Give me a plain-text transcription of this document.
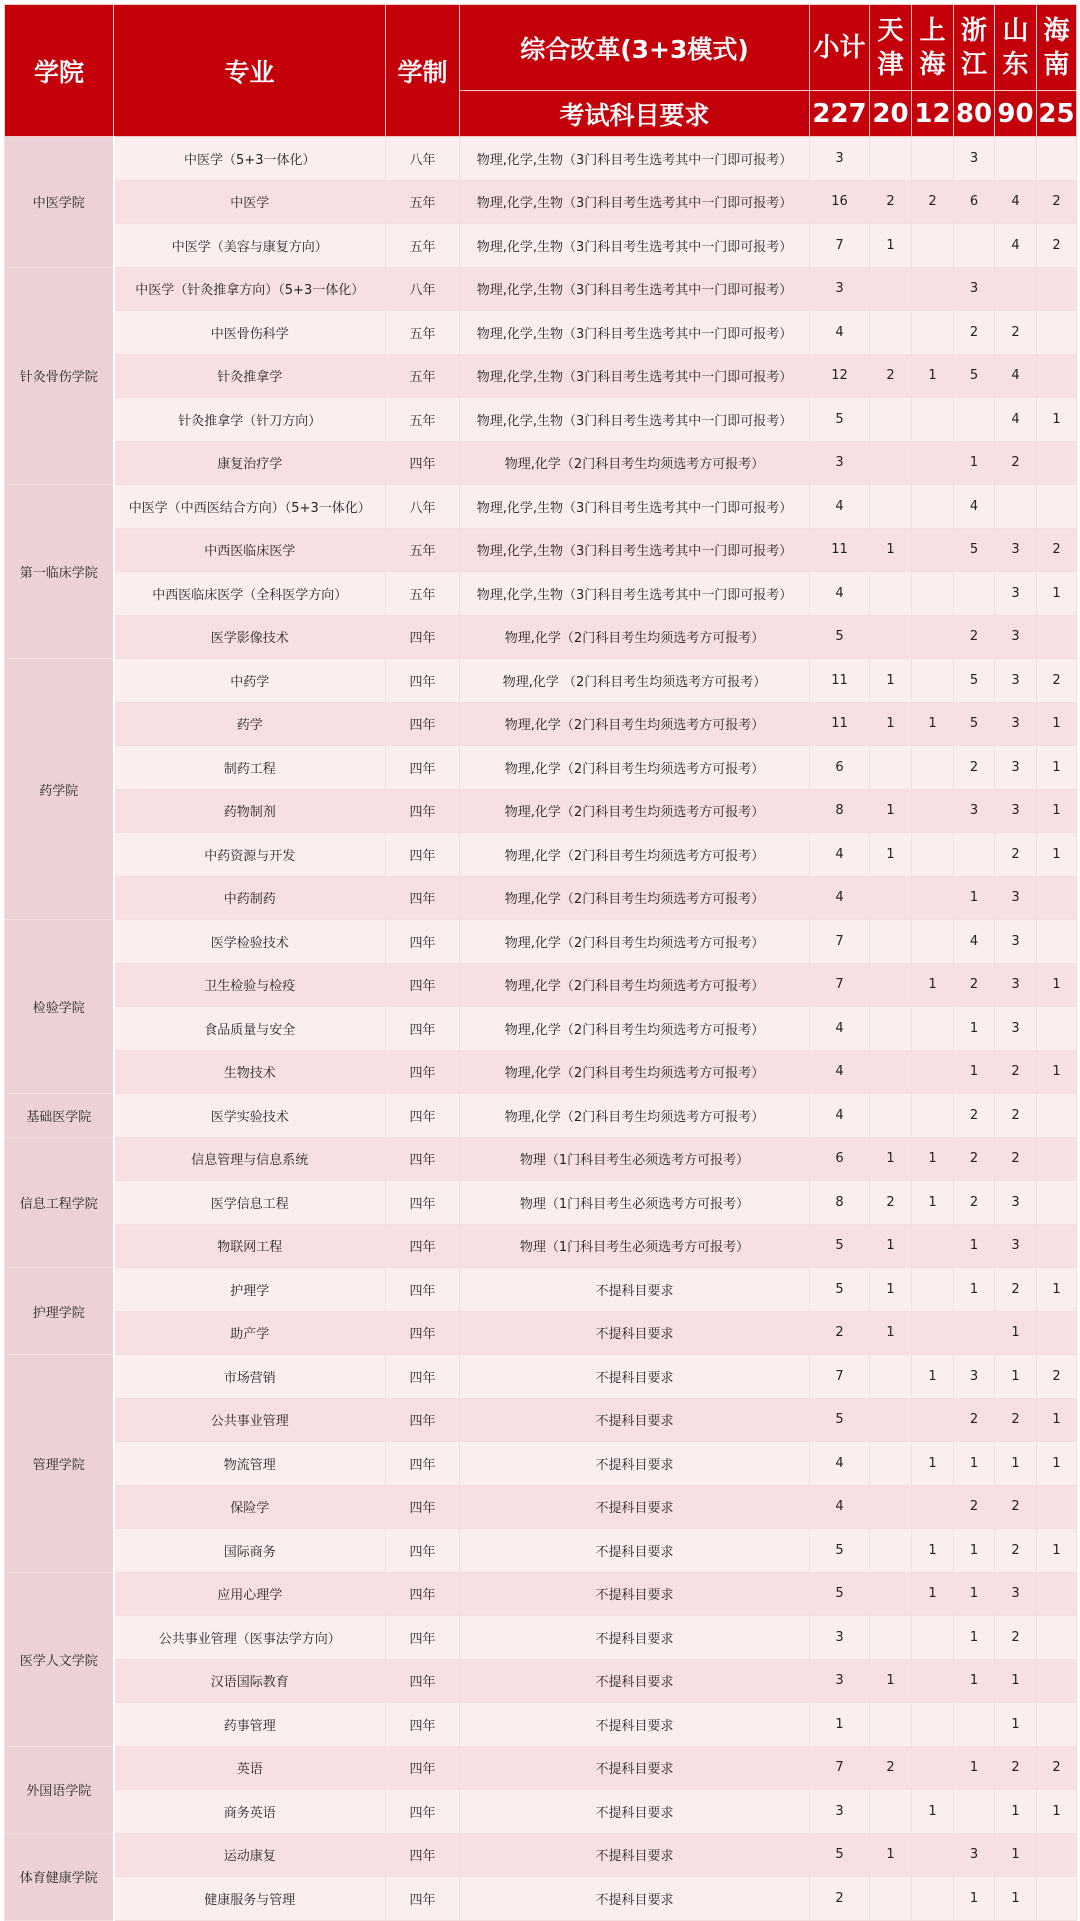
学院	专业	学制	综合改革(3+3模式)	小计	天津	上海	浙江	山东	海南
			考试科目要求	227	20	12	80	90	25
中医学院	中医学（5+3一体化）	八年	物理,化学,生物（3门科目考生选考其中一门即可报考）	3			3		
	中医学	五年	物理,化学,生物（3门科目考生选考其中一门即可报考）	16	2	2	6	4	2
	中医学（美容与康复方向）	五年	物理,化学,生物（3门科目考生选考其中一门即可报考）	7	1			4	2
针灸骨伤学院	中医学（针灸推拿方向）（5+3一体化）	八年	物理,化学,生物（3门科目考生选考其中一门即可报考）	3			3		
	中医骨伤科学	五年	物理,化学,生物（3门科目考生选考其中一门即可报考）	4			2	2	
	针灸推拿学	五年	物理,化学,生物（3门科目考生选考其中一门即可报考）	12	2	1	5	4	
	针灸推拿学（针刀方向）	五年	物理,化学,生物（3门科目考生选考其中一门即可报考）	5				4	1
	康复治疗学	四年	物理,化学（2门科目考生均须选考方可报考）	3			1	2	
第一临床学院	中医学（中西医结合方向）（5+3一体化）	八年	物理,化学,生物（3门科目考生选考其中一门即可报考）	4			4		
	中西医临床医学	五年	物理,化学,生物（3门科目考生选考其中一门即可报考）	11	1		5	3	2
	中西医临床医学（全科医学方向）	五年	物理,化学,生物（3门科目考生选考其中一门即可报考）	4				3	1
	医学影像技术	四年	物理,化学（2门科目考生均须选考方可报考）	5			2	3	
药学院	中药学	四年	物理,化学 （2门科目考生均须选考方可报考）	11	1		5	3	2
	药学	四年	物理,化学（2门科目考生均须选考方可报考）	11	1	1	5	3	1
	制药工程	四年	物理,化学（2门科目考生均须选考方可报考）	6			2	3	1
	药物制剂	四年	物理,化学（2门科目考生均须选考方可报考）	8	1		3	3	1
	中药资源与开发	四年	物理,化学（2门科目考生均须选考方可报考）	4	1			2	1
	中药制药	四年	物理,化学（2门科目考生均须选考方可报考）	4			1	3	
检验学院	医学检验技术	四年	物理,化学（2门科目考生均须选考方可报考）	7			4	3	
	卫生检验与检疫	四年	物理,化学（2门科目考生均须选考方可报考）	7		1	2	3	1
	食品质量与安全	四年	物理,化学（2门科目考生均须选考方可报考）	4			1	3	
	生物技术	四年	物理,化学（2门科目考生均须选考方可报考）	4			1	2	1
基础医学院	医学实验技术	四年	物理,化学（2门科目考生均须选考方可报考）	4			2	2	
信息工程学院	信息管理与信息系统	四年	物理（1门科目考生必须选考方可报考）	6	1	1	2	2	
	医学信息工程	四年	物理（1门科目考生必须选考方可报考）	8	2	1	2	3	
	物联网工程	四年	物理（1门科目考生必须选考方可报考）	5	1		1	3	
护理学院	护理学	四年	不提科目要求	5	1		1	2	1
	助产学	四年	不提科目要求	2	1			1	
管理学院	市场营销	四年	不提科目要求	7		1	3	1	2
	公共事业管理	四年	不提科目要求	5			2	2	1
	物流管理	四年	不提科目要求	4		1	1	1	1
	保险学	四年	不提科目要求	4			2	2	
	国际商务	四年	不提科目要求	5		1	1	2	1
医学人文学院	应用心理学	四年	不提科目要求	5		1	1	3	
	公共事业管理（医事法学方向）	四年	不提科目要求	3			1	2	
	汉语国际教育	四年	不提科目要求	3	1		1	1	
	药事管理	四年	不提科目要求	1				1	
外国语学院	英语	四年	不提科目要求	7	2		1	2	2
	商务英语	四年	不提科目要求	3		1		1	1
体育健康学院	运动康复	四年	不提科目要求	5	1		3	1	
	健康服务与管理	四年	不提科目要求	2			1	1	
